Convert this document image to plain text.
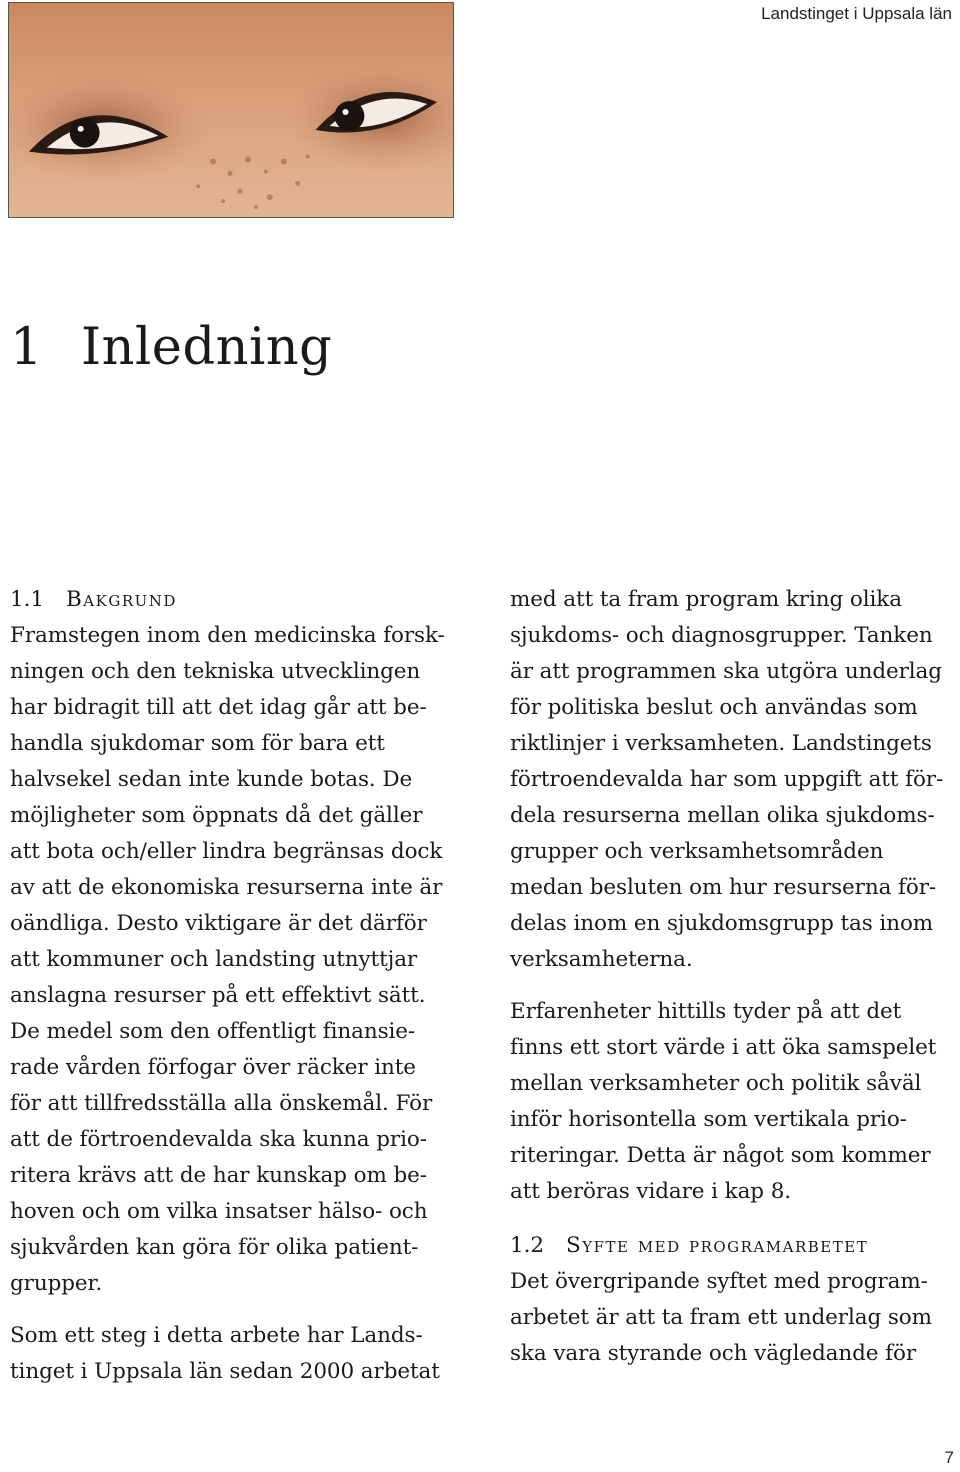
Landstinget i Uppsala län
1 Inledning
1.1 Bakgrund

Framstegen inom den medicinska forsk-
ningen och den tekniska utvecklingen
har bidragit till att det idag går att be-
handla sjukdomar som för bara ett
halvsekel sedan inte kunde botas. De
möjligheter som öppnats då det gäller
att bota och/eller lindra begränsas dock
av att de ekonomiska resurserna inte är
oändliga. Desto viktigare är det därför
att kommuner och landsting utnyttjar
anslagna resurser på ett effektivt sätt.
De medel som den offentligt finansie-
rade vården förfogar över räcker inte
för att tillfredsställa alla önskemål. För
att de förtroendevalda ska kunna prio-
ritera krävs att de har kunskap om be-
hoven och om vilka insatser hälso- och
sjukvården kan göra för olika patient-
grupper.

Som ett steg i detta arbete har Lands-
tinget i Uppsala län sedan 2000 arbetat

med att ta fram program kring olika
sjukdoms- och diagnosgrupper. Tanken
är att programmen ska utgöra underlag
för politiska beslut och användas som
riktlinjer i verksamheten. Landstingets
förtroendevalda har som uppgift att för-
dela resurserna mellan olika sjukdoms-
grupper och verksamhetsområden
medan besluten om hur resurserna för-
delas inom en sjukdomsgrupp tas inom
verksamheterna.

Erfarenheter hittills tyder på att det
finns ett stort värde i att öka samspelet
mellan verksamheter och politik såväl
inför horisontella som vertikala prio-
riteringar. Detta är något som kommer
att beröras vidare i kap 8.

1.2 Syfte med programarbetet

Det övergripande syftet med program-
arbetet är att ta fram ett underlag som
ska vara styrande och vägledande för

7
